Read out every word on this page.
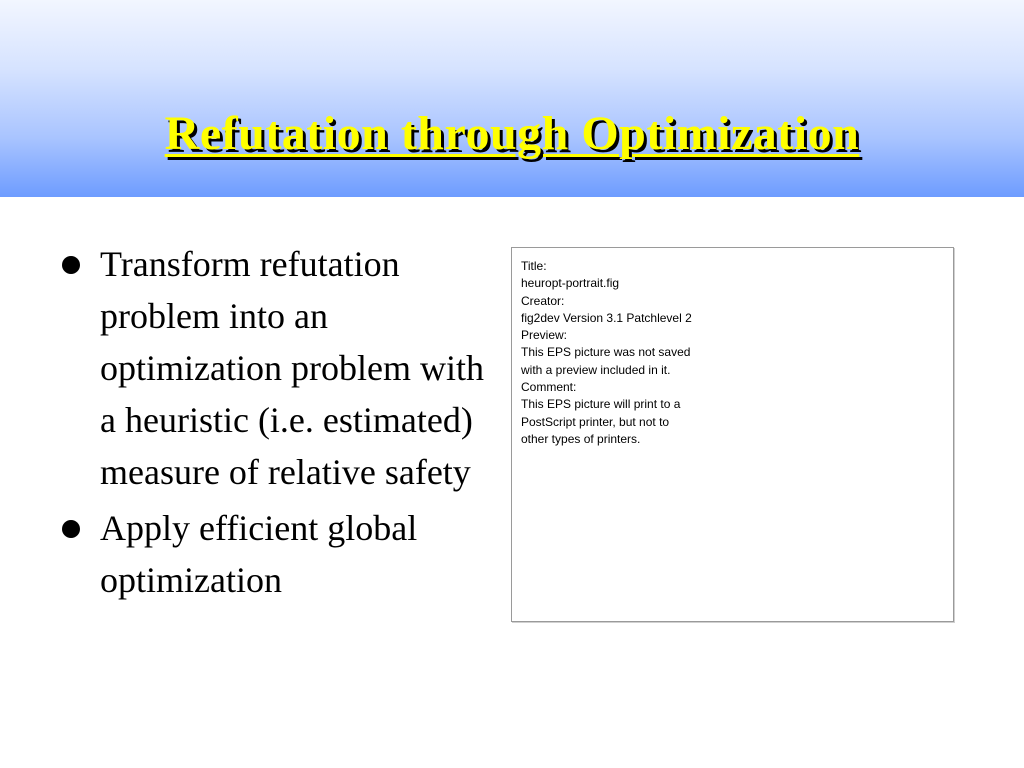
Refutation through Optimization
Transform refutation problem into an optimization problem with a heuristic (i.e. estimated) measure of relative safety
Apply efficient global optimization
Title:
heuropt-portrait.fig
Creator:
fig2dev Version 3.1 Patchlevel 2
Preview:
This EPS picture was not saved
with a preview included in it.
Comment:
This EPS picture will print to a
PostScript printer, but not to
other types of printers.
